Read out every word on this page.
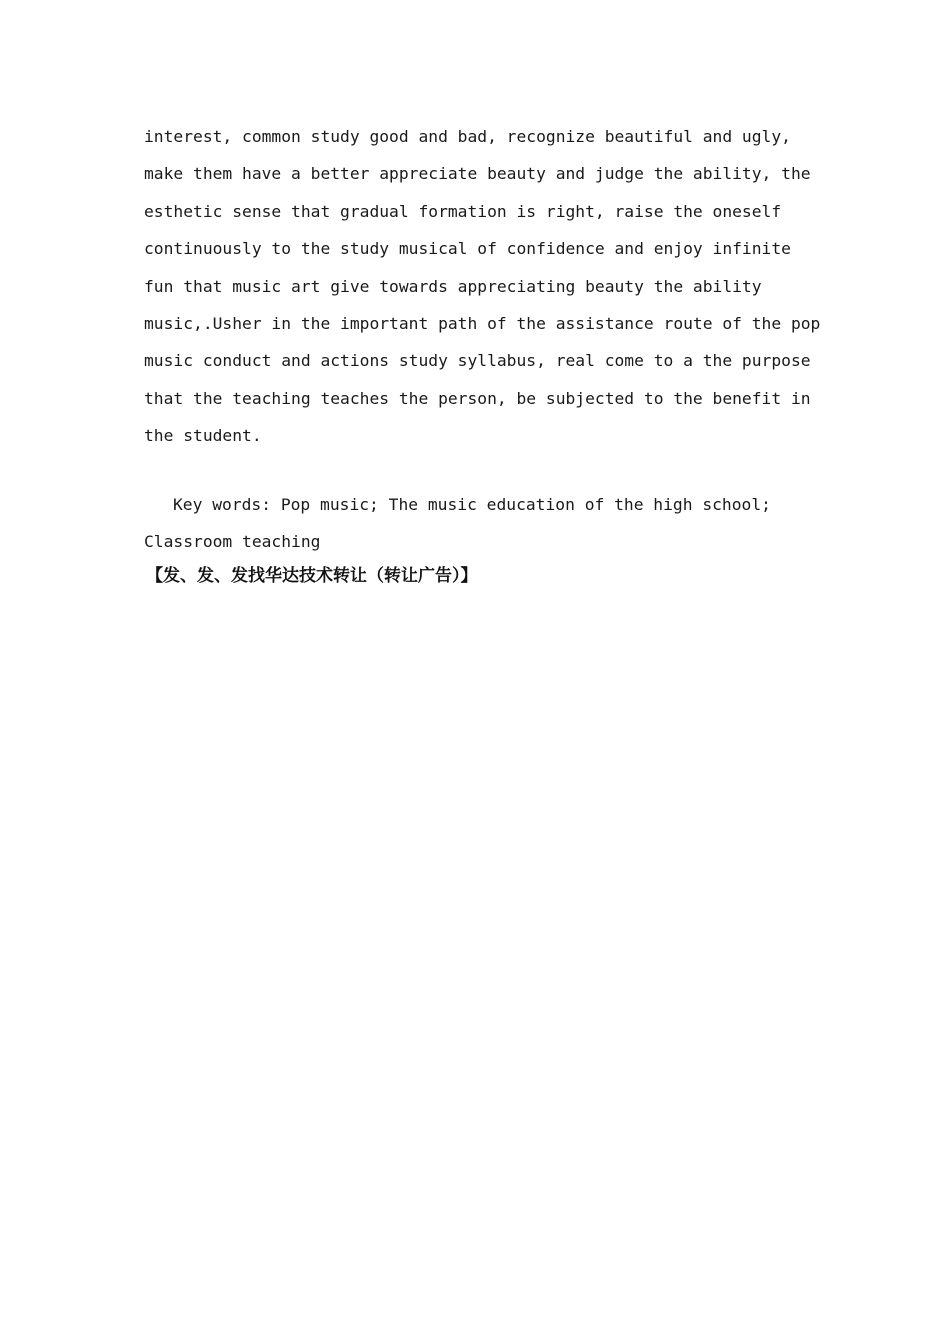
interest, common study good and bad, recognize beautiful and ugly,
make them have a better appreciate beauty and judge the ability, the
esthetic sense that gradual formation is right, raise the oneself
continuously to the study musical of confidence and enjoy infinite
fun that music art give towards appreciating beauty the ability
music,.Usher in the important path of the assistance route of the pop
music conduct and actions study syllabus, real come to a the purpose
that the teaching teaches the person, be subjected to the benefit in
the student.
Key words: Pop music; The music education of the high school;
Classroom teaching
【发、发、发找华达技术转让（转让广告）】
